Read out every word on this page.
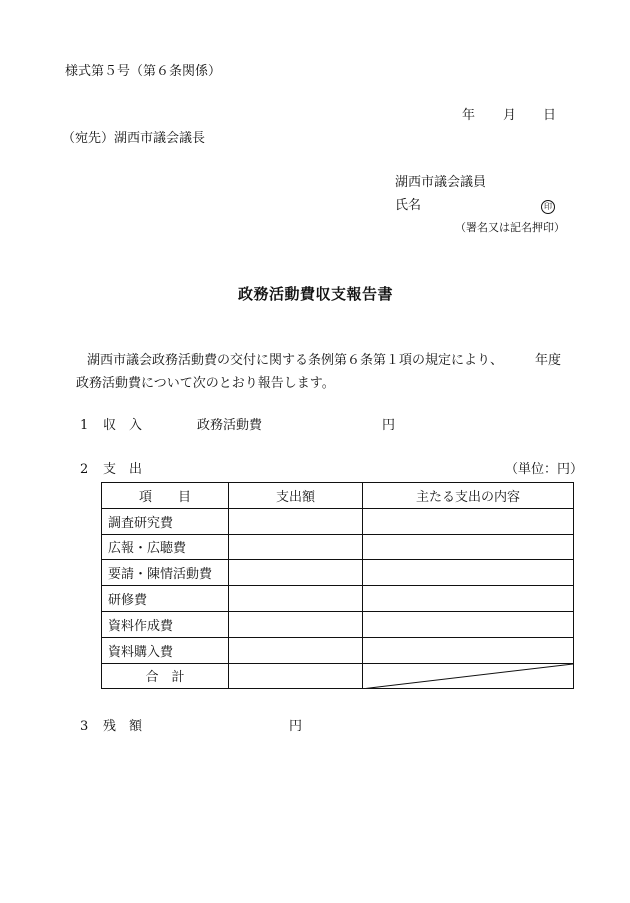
様式第５号（第６条関係）
年 月 日
（宛先）湖西市議会議長
湖西市議会議員
氏名	印
（署名又は記名押印）
政務活動費収支報告書
湖西市議会政務活動費の交付に関する条例第６条第１項の規定により、 年度
政務活動費について次のとおり報告します。
1 収　入	政務活動費	円
2 支　出	（単位：円）
項　　目	支出額	主たる支出の内容
調査研究費		
広報・広聴費		
要請・陳情活動費		
研修費		
資料作成費		
資料購入費		
合　計		
3 残　額	円
